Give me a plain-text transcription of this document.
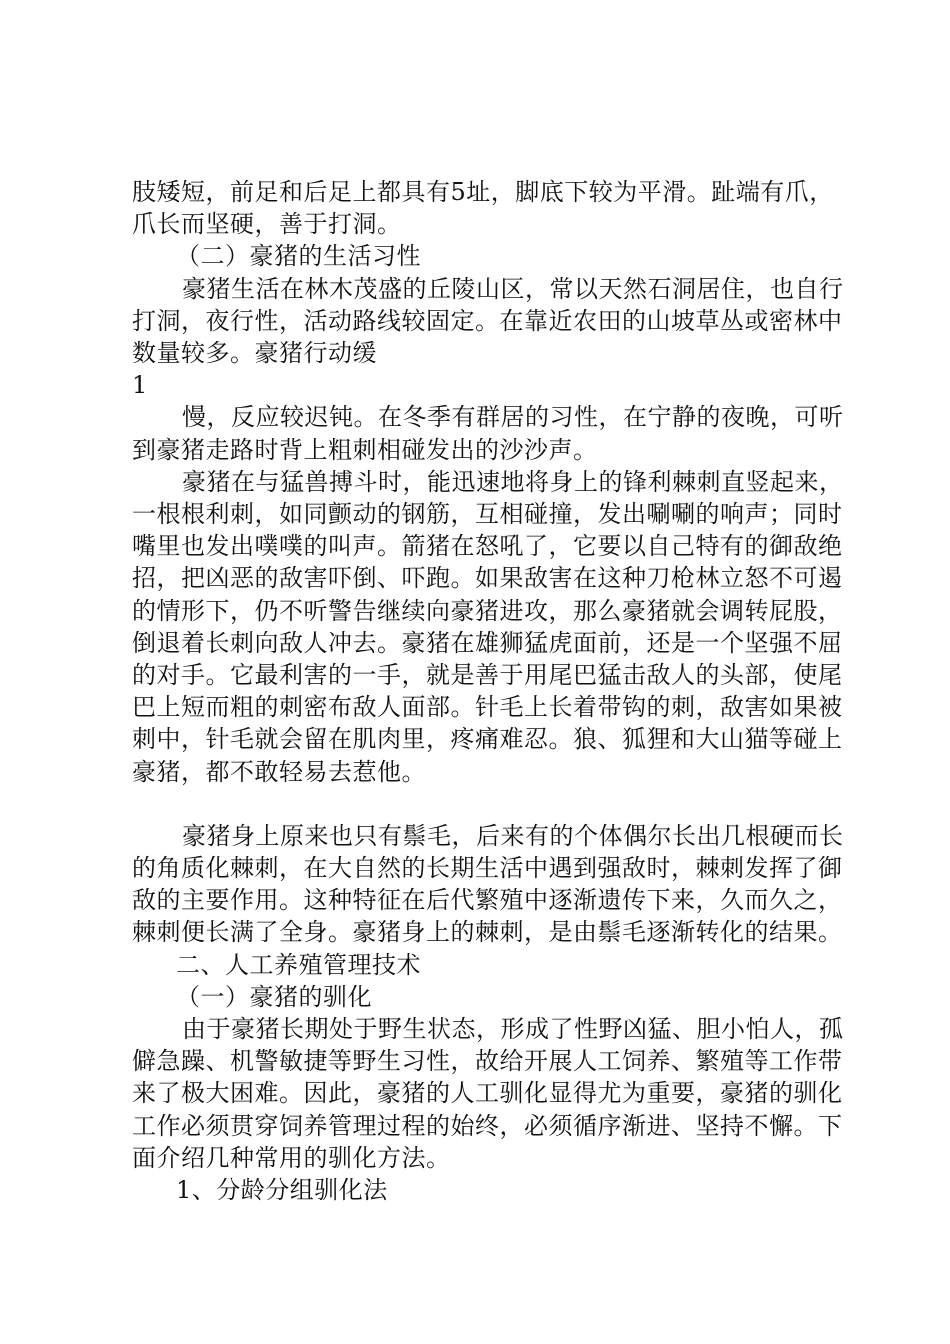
肢矮短，前足和后足上都具有5址，脚底下较为平滑。趾端有爪，爪长而坚硬，善于打洞。

（二）豪猪的生活习性

豪猪生活在林木茂盛的丘陵山区，常以天然石洞居住，也自行打洞，夜行性，活动路线较固定。在靠近农田的山坡草丛或密林中数量较多。豪猪行动缓

1

慢，反应较迟钝。在冬季有群居的习性，在宁静的夜晚，可听到豪猪走路时背上粗刺相碰发出的沙沙声。

豪猪在与猛兽搏斗时，能迅速地将身上的锋利棘刺直竖起来，一根根利刺，如同颤动的钢筋，互相碰撞，发出唰唰的响声；同时嘴里也发出噗噗的叫声。箭猪在怒吼了，它要以自己特有的御敌绝招，把凶恶的敌害吓倒、吓跑。如果敌害在这种刀枪林立怒不可遏的情形下，仍不听警告继续向豪猪进攻，那么豪猪就会调转屁股，倒退着长刺向敌人冲去。豪猪在雄狮猛虎面前，还是一个坚强不屈的对手。它最利害的一手，就是善于用尾巴猛击敌人的头部，使尾巴上短而粗的刺密布敌人面部。针毛上长着带钩的刺，敌害如果被刺中，针毛就会留在肌肉里，疼痛难忍。狼、狐狸和大山猫等碰上豪猪，都不敢轻易去惹他。

豪猪身上原来也只有鬃毛，后来有的个体偶尔长出几根硬而长的角质化棘刺，在大自然的长期生活中遇到强敌时，棘刺发挥了御敌的主要作用。这种特征在后代繁殖中逐渐遗传下来，久而久之，棘刺便长满了全身。豪猪身上的棘刺，是由鬃毛逐渐转化的结果。

二、人工养殖管理技术

（一）豪猪的驯化

由于豪猪长期处于野生状态，形成了性野凶猛、胆小怕人，孤僻急躁、机警敏捷等野生习性，故给开展人工饲养、繁殖等工作带来了极大困难。因此，豪猪的人工驯化显得尤为重要，豪猪的驯化工作必须贯穿饲养管理过程的始终，必须循序渐进、坚持不懈。下面介绍几种常用的驯化方法。

1、分龄分组驯化法
